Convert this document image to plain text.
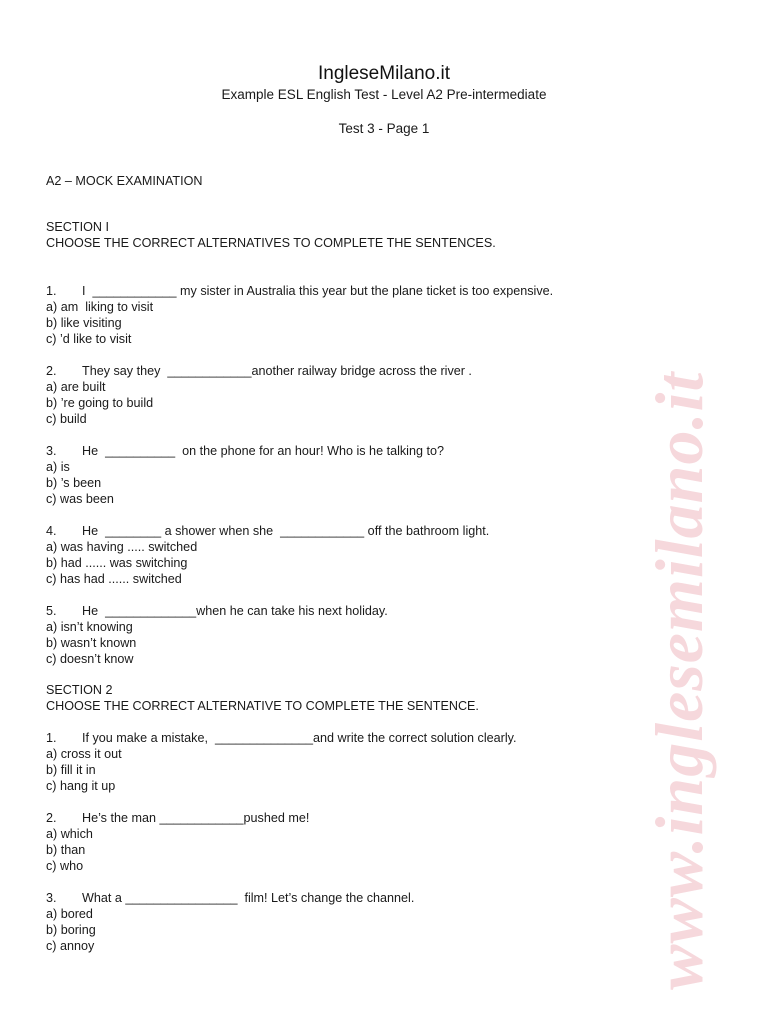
www.inglesemilano.it
IngleseMilano.it
Example ESL English Test - Level A2 Pre-intermediate
Test 3 - Page 1
A2 – MOCK EXAMINATION
SECTION I
CHOOSE THE CORRECT ALTERNATIVES TO COMPLETE THE SENTENCES.
1. I  ____________ my sister in Australia this year but the plane ticket is too expensive.
a) am  liking to visit
b) like visiting
c) ’d like to visit
2. They say they  ____________another railway bridge across the river .
a) are built
b) ’re going to build
c) build
3. He  __________  on the phone for an hour! Who is he talking to?
a) is
b) ’s been
c) was been
4. He  ________ a shower when she  ____________ off the bathroom light.
a) was having ..... switched
b) had ...... was switching
c) has had ...... switched
5. He  _____________when he can take his next holiday.
a) isn’t knowing
b) wasn’t known
c) doesn’t know
SECTION 2
CHOOSE THE CORRECT ALTERNATIVE TO COMPLETE THE SENTENCE.
1. If you make a mistake,  ______________and write the correct solution clearly.
a) cross it out
b) fill it in
c) hang it up
2. He’s the man ____________pushed me!
a) which
b) than
c) who
3. What a ________________  film! Let’s change the channel.
a) bored
b) boring
c) annoy
